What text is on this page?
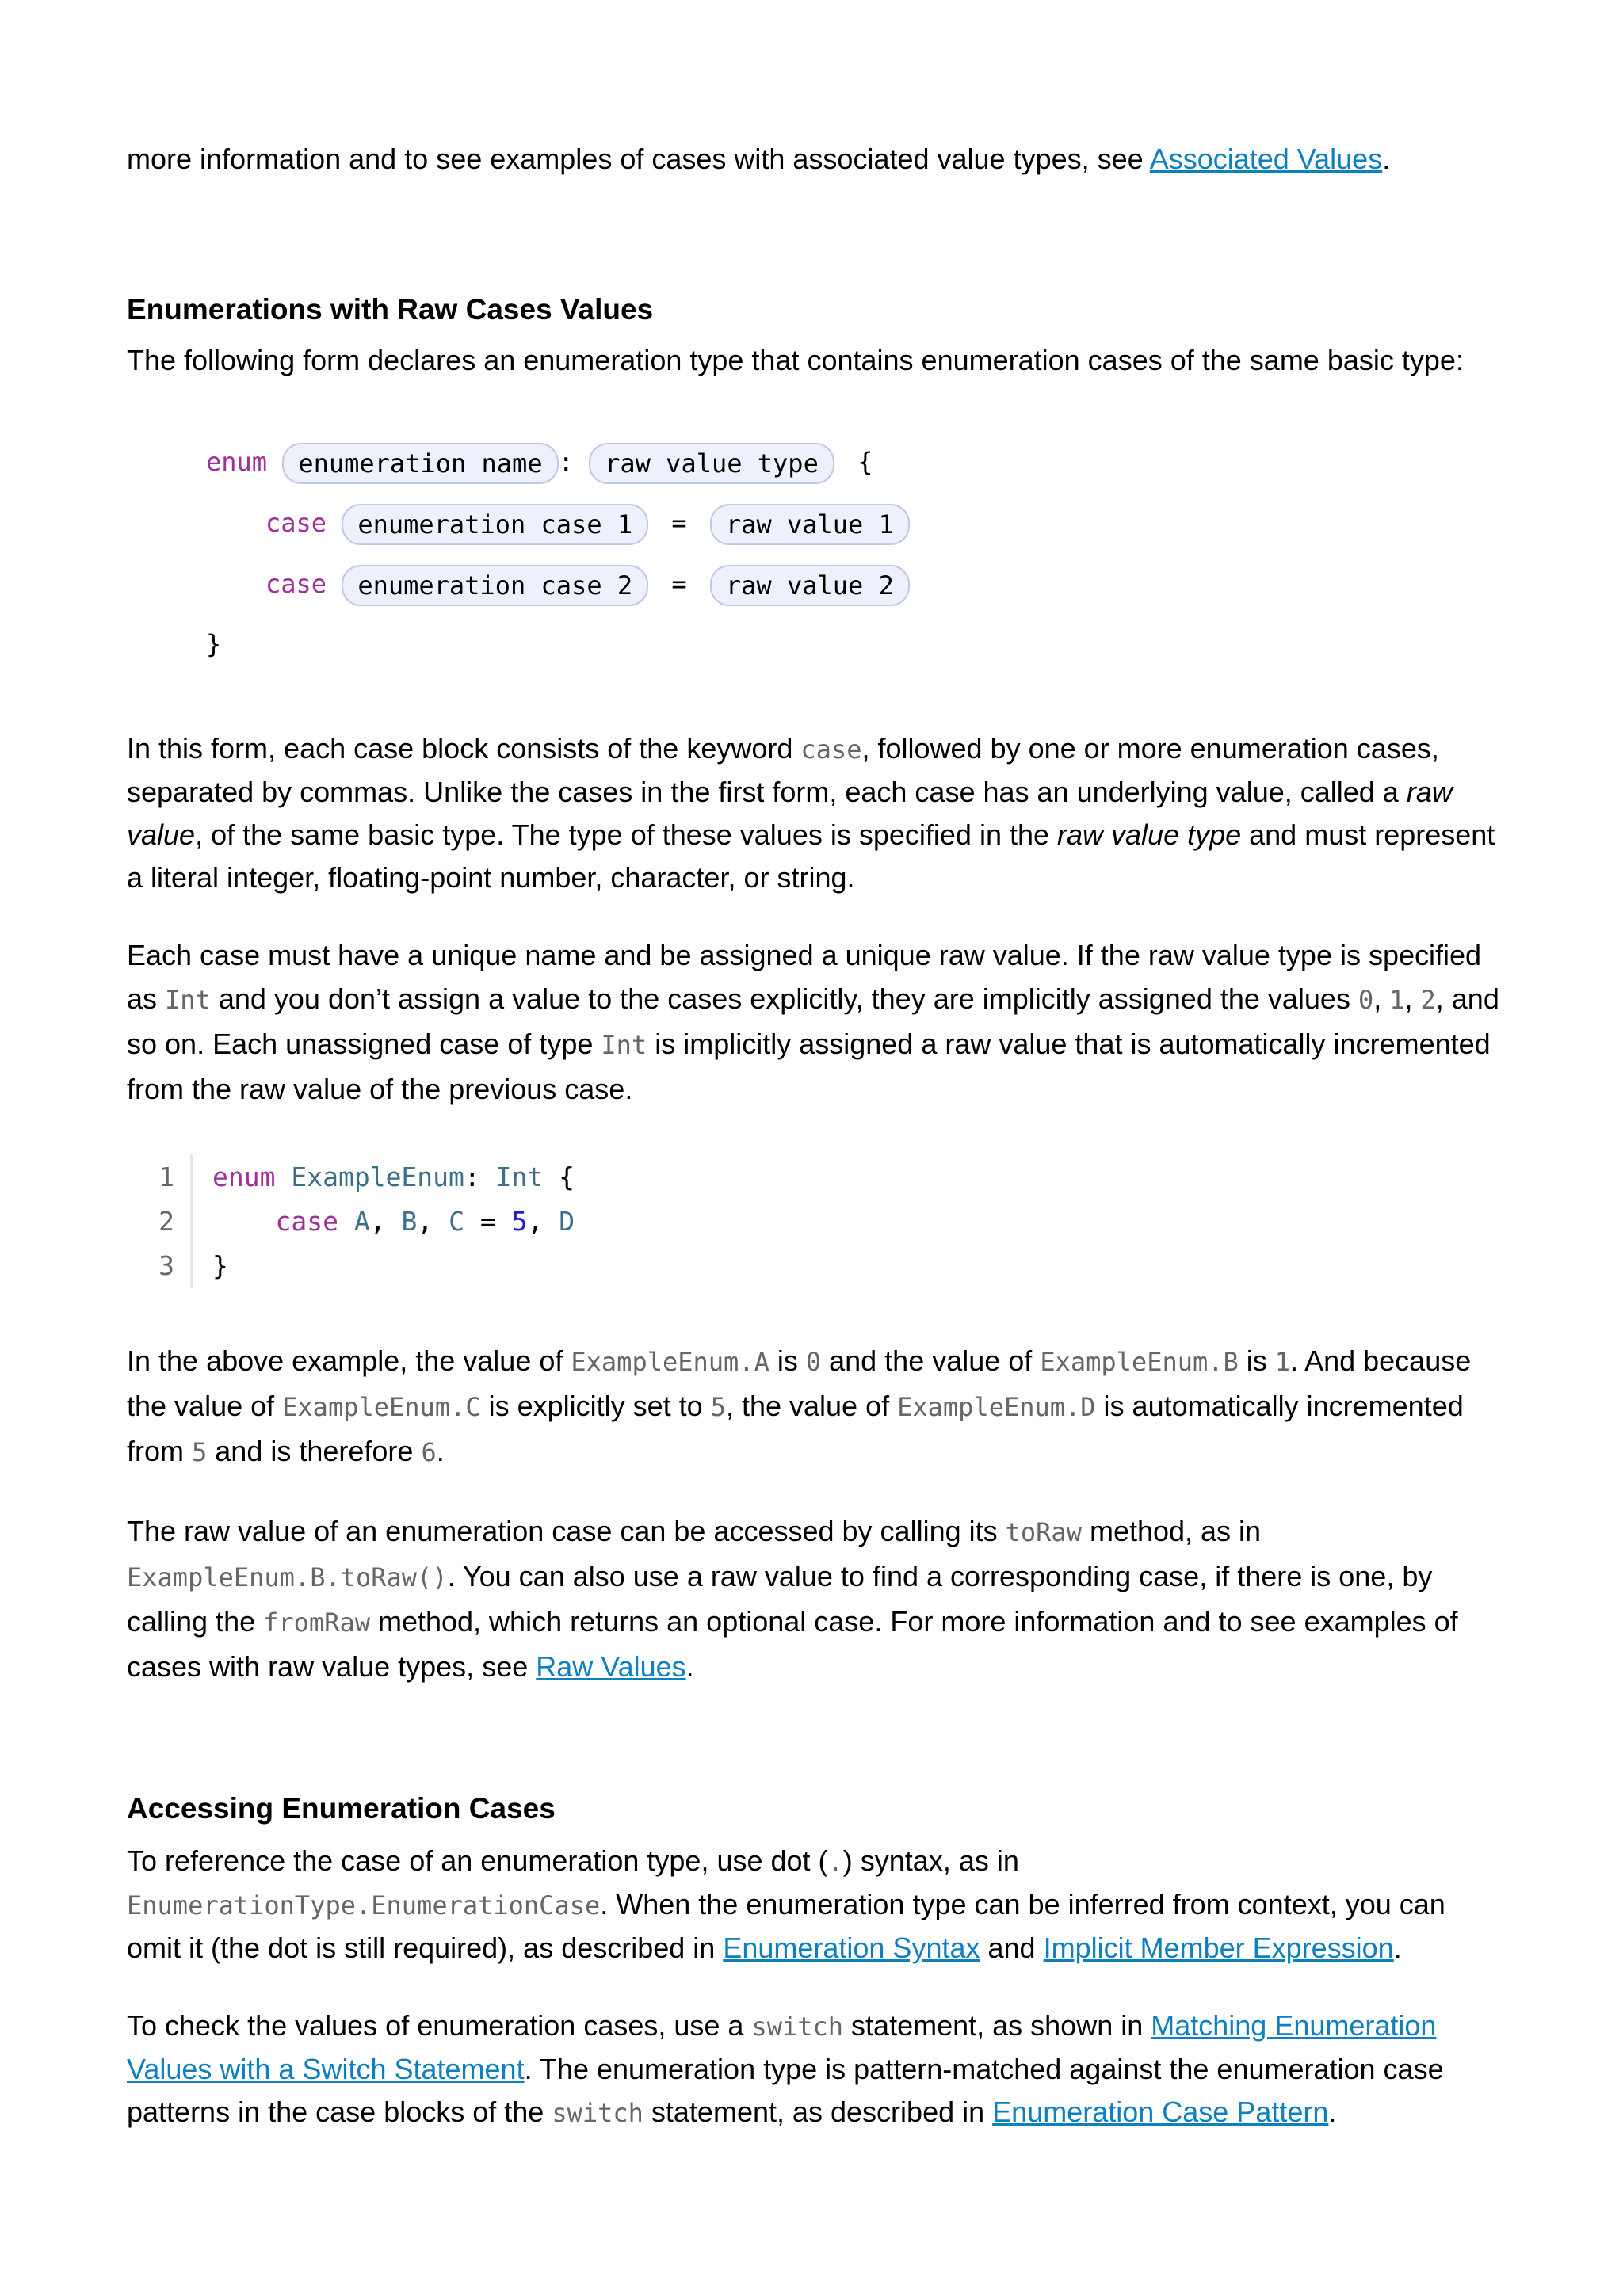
more information and to see examples of cases with associated value types, see Associated Values.

Enumerations with Raw Cases Values

The following form declares an enumeration type that contains enumeration cases of the same basic type:

enum enumeration name : raw value type {
case enumeration case 1 = raw value 1
case enumeration case 2 = raw value 2
}

In this form, each case block consists of the keyword case, followed by one or more enumeration cases, separated by commas. Unlike the cases in the first form, each case has an underlying value, called a raw value, of the same basic type. The type of these values is specified in the raw value type and must represent a literal integer, floating-point number, character, or string.

Each case must have a unique name and be assigned a unique raw value. If the raw value type is specified as Int and you don’t assign a value to the cases explicitly, they are implicitly assigned the values 0, 1, 2, and so on. Each unassigned case of type Int is implicitly assigned a raw value that is automatically incremented from the raw value of the previous case.

1
2
3
enum ExampleEnum: Int {
case A, B, C = 5, D
}

In the above example, the value of ExampleEnum.A is 0 and the value of ExampleEnum.B is 1. And because the value of ExampleEnum.C is explicitly set to 5, the value of ExampleEnum.D is automatically incremented from 5 and is therefore 6.

The raw value of an enumeration case can be accessed by calling its toRaw method, as in ExampleEnum.B.toRaw(). You can also use a raw value to find a corresponding case, if there is one, by calling the fromRaw method, which returns an optional case. For more information and to see examples of cases with raw value types, see Raw Values.

Accessing Enumeration Cases

To reference the case of an enumeration type, use dot (.) syntax, as in EnumerationType.EnumerationCase. When the enumeration type can be inferred from context, you can omit it (the dot is still required), as described in Enumeration Syntax and Implicit Member Expression.

To check the values of enumeration cases, use a switch statement, as shown in Matching Enumeration Values with a Switch Statement. The enumeration type is pattern-matched against the enumeration case patterns in the case blocks of the switch statement, as described in Enumeration Case Pattern.
